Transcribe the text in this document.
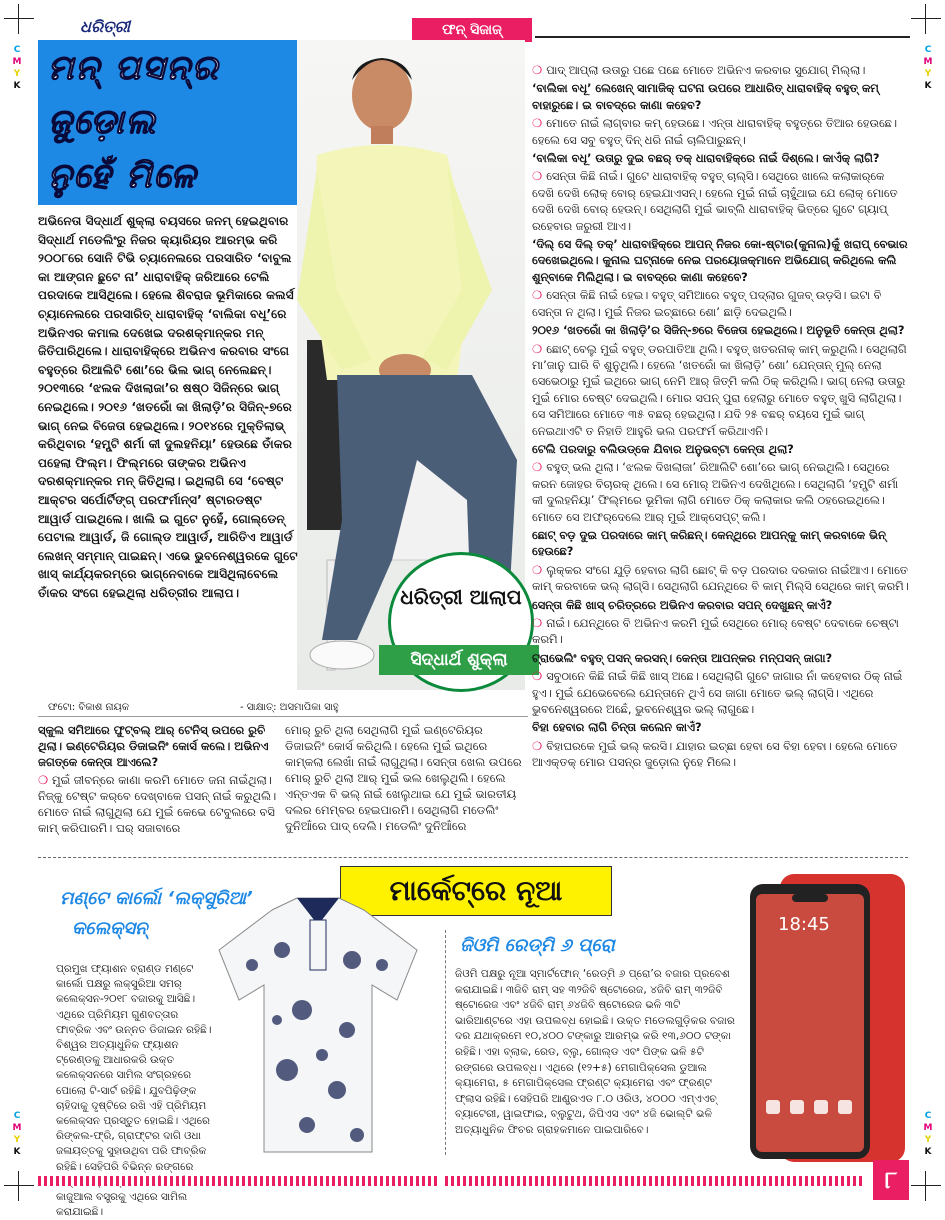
C
M
Y
K
C
M
Y
K
C
M
Y
K
C
M
Y
K
ଧରିତ୍ରୀ	ଫନ୍ ସିଜାଜ୍
ମନ୍ ପସନ୍‌ର
ଜୁଡ଼ୋଲ
ନୁହେଁ ମିଳେ
ଅଭିନେତା ସିଦ୍ଧାର୍ଥ ଶୁକ୍ଲା ବୟସରେ ଜନମ୍ ହେଇଥିବାର ସିଦ୍ଧାର୍ଥ ମଡେଲିଂରୁ ନିଜର କ୍ୟାରିୟର ଆରମ୍ଭ କରି ୨୦୦୮ରେ ସୋନି ଟିଭି ଚ୍ୟାନେଲରେ ପରସାରିତ ‘ବାବୁଲ କା ଆଙ୍ଗନ ଛୁଟେ ନା’ ଧାରାବାହିକ୍ ଜରିଆରେ ଟେଲି ପରଦାକେ ଆସିଥିଲେ। ହେଲେ ଶିବରାଜ ଭୂମିକାରେ କଲର୍ସ ଚ୍ୟାନେଲରେ ପରସାରିତ୍ ଧାରାବାହିକ୍ ‘ବାଲିକା ବଧୂ’ରେ ଅଭିନଏର କମାଲ ଦେଖେଇ ଦରଶକ୍‌ମାନ୍‌କର ମନ୍ ଜିତିପାରିଥିଲେ। ଧାରାବାହିକ୍‌ରେ ଅଭିନଏ କରବାର ସଂଗେ ବହୁତ୍‌ରେ ରିଆଲିଟି ଶୋ’ରେ ଭିଲ ଭାଗ୍ ନେଲେଛନ୍। ୨୦୧୩ରେ ‘ଝଲକ ଦିଖଲାଜା’ର ଷଷ୍ଠ ସିଜିନ୍‌ରେ ଭାଗ୍ ନେଇଥିଲେ। ୨୦୧୬ ‘ଖତରୋଁ କା ଖିଲାଡ଼ି’ର ସିଜିନ୍-୭ରେ ଭାଗ୍ ନେଇ ବିଜେତା ହେଇଥିଲେ। ୨୦୧୪ରେ ମୁକ୍ତିଲାଭ୍ କରିଥିବାର ‘ହମ୍ପ୍ଟି ଶର୍ମା କୀ ଦୁଲହନିୟା’ ହେଉଛେ ତାଁକର ପହେଲା ଫିଲ୍ମ। ଫିଲ୍ମରେ ତାଙ୍କର ଅଭିନଏ ଦରଶକ୍‌ମାନ୍‌କର ମନ୍ ଜିତିଥିଲା। ଇଥିଲାଗି ସେ ‘ବେଷ୍ଟ ଆକ୍ଟର ସର୍ପୋର୍ଟିଙ୍ଗ୍ ପରଫର୍ମାନ୍ସ’ ଷ୍ଟାରଡଷ୍ଟ ଆୱାର୍ଡ ପାଇଥିଲେ। ଖାଲି ଇ ଗୁଟେ ନୁହେଁ, ଗୋଲ୍ଡେନ୍ ପେଟାଲ ଆୱାର୍ଡ, ଜି ଗୋଲ୍ଡ ଆୱାର୍ଡ, ଆରିତିଏ ଆୱାର୍ଡ ଲେଖନ୍ ସମ୍ମାନ୍ ପାଇଛନ୍। ଏଭେ ଭୁବନେଶ୍ୱରକେ ଗୁଟେ ଖାସ୍ କାର୍ଯ୍ୟକରମ୍‌ରେ ଭାଗ୍‌ନେବାକେ ଆସିଥିଲାବେଲେ ତାଁକର ସଂଗେ ହେଇଥିଲା ଧରିତ୍ରୀର ଆଲାପ।	ଧରିତ୍ରୀ ଆଲାପ
ସିଦ୍ଧାର୍ଥ ଶୁକ୍ଲା
ଫଟୋ: ବିକାଶ ନାୟକ	- ସାକ୍ଷାତ୍: ଅସମାପିକା ସାହୁ

ସ୍କୁଲ ସମିଆରେ ଫୁଟ୍‌ବଲ୍ ଆର୍ ଟେନିସ୍ ଉପରେ ରୁଚି ଥିଲା। ଇଣ୍ଟେରିୟର ଡିଜାଇନିଂ କୋର୍ସ କଲେ। ଅଭିନଏ ଜଗତ୍‌କେ କେନ୍ତା ଆଏଲେ?

❍ ମୁଇଁ ଜୀବନ୍‌ରେ କାଣା କରମି ମୋତେ ଜନା ନାଇଁଥିଲା। ନିଜ୍‌କୁ ଟେଷ୍ଟ କର୍‌ବେ ଦେଖ୍‌ବାକେ ପସନ୍ ନାଇଁ କରୁଥିଲି। ମୋତେ ନାଇଁ ଲାଗୁଥିଲା ଯେ ମୁଇଁ କେଭେ ଟେବୁଲରେ ବସି କାମ୍ କରିପାରମି। ଘର୍ ସଜାବାରେ

ମୋର୍ ରୁଚି ଥିଲା ସେଥିଲାଗି ମୁଇଁ ଇଣ୍ଟେରିୟର ଡିଜାଇନିଂ କୋର୍ସ କରିଥିଲି। ହେଲେ ମୁଇଁ ଇଥିରେ କାମ୍‌କଲା ଲେଖାଁ ନାଇଁ ଲାଗୁଥିଲା। ସେନ୍ତା ଖେଲ ଉପରେ ମୋର୍ ରୁଚି ଥିଲା ଆର୍ ମୁଇଁ ଭଲ ଖେଲୁଥିଲି। ହେଲେ ଏନ୍ତଏକ ବି ଭଲ୍ ନାଇଁ ଖେଲୁଥାଇ ଯେ ମୁଇଁ ଭାରତୀୟ ଦଲର ମେମ୍ବର ହେଇପାରମି। ସେଥିଲାଗି ମଡେଲିଂ ଦୁନିଆଁରେ ପାଦ୍ ଦେଲି। ମଡେଲିଂ ଦୁନିଆଁରେ

❍ ପାଦ୍ ଆପ୍‌ଲା ଉତାରୁ ପଛେ ପଛେ ମୋତେ ଅଭିନଏ କରବାର ସୁଯୋଗ୍ ମିଲ୍‌ଲା।

‘ବାଲିକା ବଧୂ’ ଲେଖେନ୍ ସାମାଜିକ୍ ଘଟନା ଉପରେ ଆଧାରିତ୍ ଧାରାବାହିକ୍ ବହୁତ୍ କମ୍ ବାହାରୁଛେ। ଇ ବାବଦ୍‌ରେ କାଣା କହେବ?

❍ ମୋତେ ନାଇଁ ଲାଗ୍‌ବାର କମ୍ ହେଉଛେ। ଏନ୍ତା ଧାରାବାହିକ୍ ବହୁତ୍‌ରେ ତିଆର ହେଉଛେ। ହେଲେ ସେ ସବୁ ବହୁତ୍ ଦିନ୍ ଧରି ନାଇଁ ଚାଲିପାରୁଛନ୍।

‘ବାଲିକା ବଧୂ’ ଉତାରୁ ଦୁଇ ବଛର୍ ତକ୍ ଧାରାବାହିକ୍‌ରେ ନାଇଁ ଦିଶ୍‌ଲେ। କାଏଁକ୍ ଲାଗି?

❍ ସେନ୍ତା କିଛି ନାଇଁ। ଗୁଟେ ଧାରାବାହିକ୍ ବହୁତ୍ ଚାଲ୍‌ସି। ସେଥିରେ ଖାଲେ କଲାକାର୍‌କେ ଦେଖି ଦେଖି ଲୋକ୍ ବୋର୍ ହେଇଯାଏସନ୍। ହେଲେ ମୁଇଁ ନାଇଁ ଚାହୁଁଥାଇ ଯେ ଲୋକ୍ ମୋତେ ଦେଖି ଦେଖି ବୋର୍ ହେଉନ୍। ସେଥିଲାଗି ମୁଇଁ ଭାବ୍‌ଲି ଧାରାବାହିକ୍ ଭିତ୍‌ରେ ଗୁଟେ ଗ୍ୟାପ୍ ରହେବାର ଜରୁରୀ ଆଏ।

‘ଦିଲ୍ ସେ ଦିଲ୍ ତକ୍’ ଧାରାବାହିକ୍‌ରେ ଆପନ୍ ନିଜର କୋ-ଷ୍ଟାର(କୁନାଲ)କୁଁ ଖରାପ୍ ବେଭାର ଦେଖେଇଥିଲେ। କୁନାଲ ଘଟ୍‌ନାକେ ନେଇ ପରୟୋଜକ୍‌ମାନେ ଅଭିଯୋଗ୍ କରିଥିଲେ କଲି ଶୁନ୍‌ବାକେ ମିଲିଥିଲା। ଇ ବାବଦ୍‌ରେ କାଣା କହେବେ?

❍ ସେନ୍ତା କିଛି ନାଇଁ ହେଇ। ବହୁତ୍ ସମିଆରେ ବହୁତ୍ ପଦ୍‌ଲାର ଗୁଜବ୍ ଉଡ଼ସି। ଇଟା ବି ସେନ୍ତା ନ ଥିଲା। ମୁଇଁ ନିଜର ଇଚ୍ଛାରେ ଶୋ’ ଛାଡ଼ି ଦେଇଥିଲି।

୨୦୧୬ ‘ଖତରୋଁ କା ଖିଲାଡ଼ି’ର ସିଜିନ୍-୭ରେ ବିଜେତା ହେଇଥିଲେ। ଅନୁଭୂତି କେନ୍ତା ଥିଲା?

❍ ଛୋଟ୍ ବେଲୁ ମୁଇଁ ବହୁତ୍ ଡରପାତିଆ ଥିଲି। ବହୁତ୍ ଖତରନାକ୍ କାମ୍ କରୁଥିଲି। ସେଥିଲାଗି ମା’ଜାନୁ ଘାରି ବି ଶୁନୁଥିଲି। ହେଲେ ‘ଖତରୋଁ କା ଖିଲାଡ଼ି’ ଶୋ’ ଯେନ୍‌ତାନ୍ ମୁଲ୍ ନେଲା ସେଭେଠାରୁ ମୁଇଁ ଇଥିରେ ଭାଗ୍ ନେମି ଆର୍ ଜିତ୍‌ମି କଲି ଠିକ୍ କରିଥିଲି। ଭାଗ୍ ନେଲା ଉତାରୁ ମୁଇଁ ମୋର ବେଷ୍ଟ ଦେଇଥିଲି। ମୋର ସପନ୍ ପୁରା ହେଲାରୁ ମୋତେ ବହୁତ୍ ଖୁସି ଲାଗିଥିଲା। ସେ ସମିଆରେ ମୋତେ ୩୫ ବଛର୍ ହେଇଥିଲା। ଯଦି ୨୫ ବଛର୍ ବୟସେ ମୁଇଁ ଭାଗ୍ ନେଇଥାଏଟି ତ ନିହାତି ଆହୁରି ଭଲ ପରଫର୍ମ କରିଥାଏନି।

ଟେଲି ପରଦାରୁ ବଲିଉଡ୍‌କେ ଯିବାର ଅନୁଭବ୍‌ଟା କେନ୍ତା ଥିଲା?

❍ ବହୁତ୍ ଭଲ ଥିଲା। ‘ଝଲକ ଦିଖଲାଜା’ ରିଆଲିଟି ଶୋ’ରେ ଭାଗ୍ ନେଇଥିଲି। ସେଥିରେ କରନ ଜୋହର ବିଚାରକ୍ ଥିଲେ। ସେ ମୋର୍ ଅଭିନଏ ଦେଖିଥିଲେ। ସେଥିଲାଗି ‘ହମ୍ପ୍ଟି ଶର୍ମା କୀ ଦୁଲହନିୟା’ ଫିଲ୍ମରେ ଭୂମିକା ଲାଗି ମୋତେ ଠିକ୍ କଲାକାର କଲି ଠହରେଇଥିଲେ। ମୋତେ ସେ ଅଫର୍‌ଦେଲେ ଆର୍ ମୁଇଁ ଆକ୍‌ସେପ୍ଟ୍ କଲି।

ଛୋଟ୍ ବଡ଼ ଦୁଇ ପରଦାରେ କାମ୍ କରିଛନ୍। କେନ୍‌ଥିରେ ଆପନ୍‌କୁ କାମ୍ କରବାକେ ଭିନ୍ ହେଉଛେ?

❍ ଲୁକ୍‌କର ସଂଗେ ଯୁଡ଼ି ହେବାର ଲାଗି ଛୋଟ୍ କି ବଡ଼ ପରଦାର ଦରକାର ନାଇଁଆଏ। ମୋତେ କାମ୍ କରବାକେ ଭଲ୍ ଲାଗ୍‌ସି। ସେଥିଲାଗି ଯେନ୍‌ଥିରେ ବି କାମ୍ ମିଲ୍‌ସି ସେଥିରେ କାମ୍ କରମି।

ସେନ୍ତା କିଛି ଖାସ୍ ଚରିତ୍ରରେ ଅଭିନଏ କରବାର ସପନ୍ ଦେଖୁଛନ୍ କାଏଁ?

❍ ନାଇଁ। ଯେନ୍‌ଥିରେ ବି ଅଭିନଏ କରମି ମୁଇଁ ସେଥିରେ ମୋର୍ ବେଷ୍ଟ ଦେବାକେ ଚେଷ୍ଟା କରମି।

ଟ୍ରାଭେଲିଂ ବହୁତ୍ ପସନ୍ କରସନ୍। କେନ୍ତା ଆପନ୍‌କର ମନ୍‌ପସନ୍ ଜାଗା?

❍ ସବୁଠାନେ କିଛି ନାଇଁ କିଛି ଖାସ୍ ଅଛେ। ସେଥିଲାଗି ଗୁଟେ ଜାଗାର ନାଁ କହେବାର ଠିକ୍ ନାଇଁ ହୁଏ। ମୁଇଁ ଯେଭେବେଲେ ଯେନ୍ତାନେ ଥିଏଁ ସେ ଜାଗା ମୋତେ ଭଲ୍ ଲାଗ୍‌ସି। ଏଥିରେ ଭୁବନେଶ୍ୱରରେ ଅଛେଁ, ଭୁବନେଶ୍ୱର ଭଲ୍ ଲାଗୁଛେ।

ବିହା ହେବାର ଲାଗି ଚିନ୍ତା କଲେନ କାଏଁ?

❍ ବିହାଘରକେ ମୁଇଁ ଭଲ୍ କରସି। ଯାହାର ଇଚ୍ଛା ହେବା ସେ ବିହା ହେବା। ହେଲେ ମୋତେ ଆଏକ୍‌ତକ୍ ମୋର ପସନ୍‌ର ଜୁଡ଼ୋଲ ନୁହେ ମିଲେ।

ମାର୍କେଟ୍‌ରେ ନୂଆ
ମଣ୍ଟେ କାର୍ଲୋ ‘ଲକ୍ସୁରିଆ’
କଲେକ୍ସନ୍
ପ୍ରମୁଖ ଫ୍ୟାଶନ ବ୍ରାଣ୍ଡ ମଣ୍ଟେ କାର୍ଲୋ ପକ୍ଷରୁ ଲକ୍ସୁରିଆ ସମର୍ କଲେକ୍ସନ-୨୦୧୮ ବଜାରକୁ ଆସିଛି। ଏଥିରେ ପ୍ରିମିୟମ ଗୁଣବତ୍ତାର ଫାବ୍ରିକ ଏବଂ ଉନ୍ନତ ଡିଜାଇନ ରହିଛି। ବିଶ୍ୱର ଅତ୍ୟାଧୁନିକ ଫ୍ୟାଶନ ଟ୍ରେଣ୍ଡକୁ ଆଧାରକରି ଉକ୍ତ କଲେକ୍ସନରେ ସାମିଲ ସଂଗ୍ରହରେ ପୋଲୋ ଟି-ସାର୍ଟ ରହିଛି। ଯୁବପିଢ଼ିଙ୍କ ଚାହିଦାକୁ ଦୃଷ୍ଟିରେ ରଖି ଏହି ପ୍ରିମିୟମ କଲେକ୍ସନ ପ୍ରସ୍ତୁତ ହୋଇଛି। ଏଥିରେ ରିଙ୍କଲ-ଫ୍ରି, ଗ୍ରାଫ୍ଟର ଦାଗି ଓଧା ଜଳାୟତ୍ତକୁ ସୁହାଉଥିବା ପରି ଫାବ୍ରିକ ରହିଛି। ସେହିପରି ବିଭିନ୍ନ ରଙ୍ଗରେ କାଜୁଆଲ ବସ୍ତ୍ରକୁ ଏଥିରେ ସାମିଲ କରାଯାଇଛି।
ଜିଓମି ରେଡ୍‌ମି ୬ ପ୍ରୋ
ଜିଓମି ପକ୍ଷରୁ ନୂଆ ସ୍ମାର୍ଟଫୋନ୍ ‘ରେଡ୍‌ମି ୬ ପ୍ରୋ’ର ବଜାର ପ୍ରବେଶ କରାଯାଇଛି। ୩ଜିବି ରାମ୍ ସହ ୩୨ଜିବି ଷ୍ଟୋରେଜ, ୪ଜିବି ରାମ୍ ୩୨ଜିବି ଷ୍ଟୋରେଜ ଏବଂ ୪ଜିବି ରାମ୍ ୬୪ଜିବି ଷ୍ଟୋରେଜ ଭଳି ୩ଟି ଭାରିଆଣ୍ଟରେ ଏହା ଉପଲବ୍ଧ ହୋଇଛି। ଉକ୍ତ ମଡେଲଗୁଡ଼ିକର ବଜାର ଦର ଯଥାକ୍ରମେ ୧୦,୪୦୦ ଟଙ୍କାରୁ ଆରମ୍ଭ କରି ୧୩,୬୦୦ ଟଙ୍କା ରହିଛି। ଏହା ବ୍ଲାକ, ରେଡ, ବ୍ଲୁ, ଗୋଲ୍ଡ ଏବଂ ପିଙ୍କ ଭଳି ୫ଟି ରଙ୍ଗରେ ଉପଲବ୍ଧ। ଏଥିରେ (୧୨+୫) ମେଗାପିକ୍ସେଲ ଡୁଆଲ କ୍ୟାମେରା, ୫ ମେଗାପିକ୍ସେଲ ଫ୍ରଣ୍ଟ କ୍ୟାମେରା ଏବଂ ଫ୍ରଣ୍ଟ ଫ୍ଲାସ ରହିଛି। ସେହିପରି ଆଣ୍ଡ୍ରଏଡ ୮.୦ ଓରିଓ, ୪୦୦୦ ଏମ୍‌ଏଏଚ୍ ବ୍ୟାଟେରୀ, ୱାଇଫାଇ, ବ୍ଲୁଟୁଥ, ଜିପିଏସ ଏବଂ ୪ଜି ଭୋଲ୍ଟି ଭଳି ଅତ୍ୟାଧୁନିକ ଫିଚର ଗ୍ରାହକମାନେ ପାଇପାରିବେ।
18:45
୮
